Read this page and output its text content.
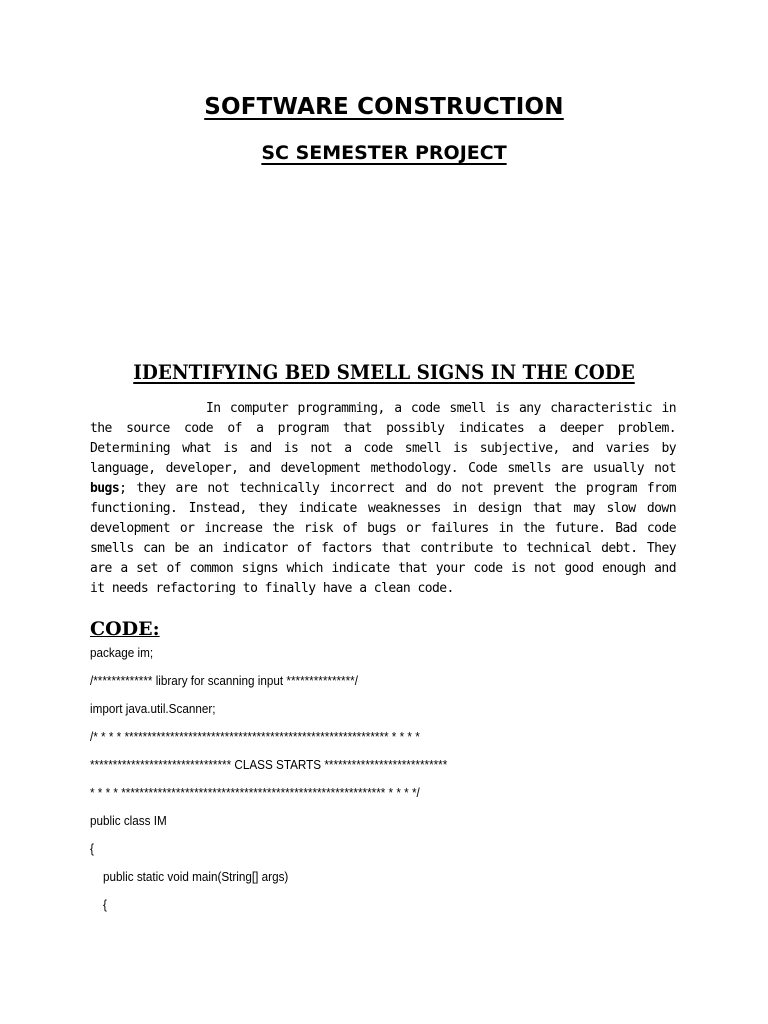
SOFTWARE CONSTRUCTION
SC SEMESTER PROJECT
IDENTIFYING BED SMELL SIGNS IN THE CODE

In computer programming, a code smell is any characteristic in the source code of a program that possibly indicates a deeper problem. Determining what is and is not a code smell is subjective, and varies by language, developer, and development methodology. Code smells are usually not bugs; they are not technically incorrect and do not prevent the program from functioning. Instead, they indicate weaknesses in design that may slow down development or increase the risk of bugs or failures in the future. Bad code smells can be an indicator of factors that contribute to technical debt. They are a set of common signs which indicate that your code is not good enough and it needs refactoring to finally have a clean code.

CODE:
package im;
/************* library for scanning input ***************/
import java.util.Scanner;
/* * * * ********************************************************** * * * *
******************************* CLASS STARTS ***************************
* * * * ********************************************************** * * * */
public class IM
{
public static void main(String[] args)
{
